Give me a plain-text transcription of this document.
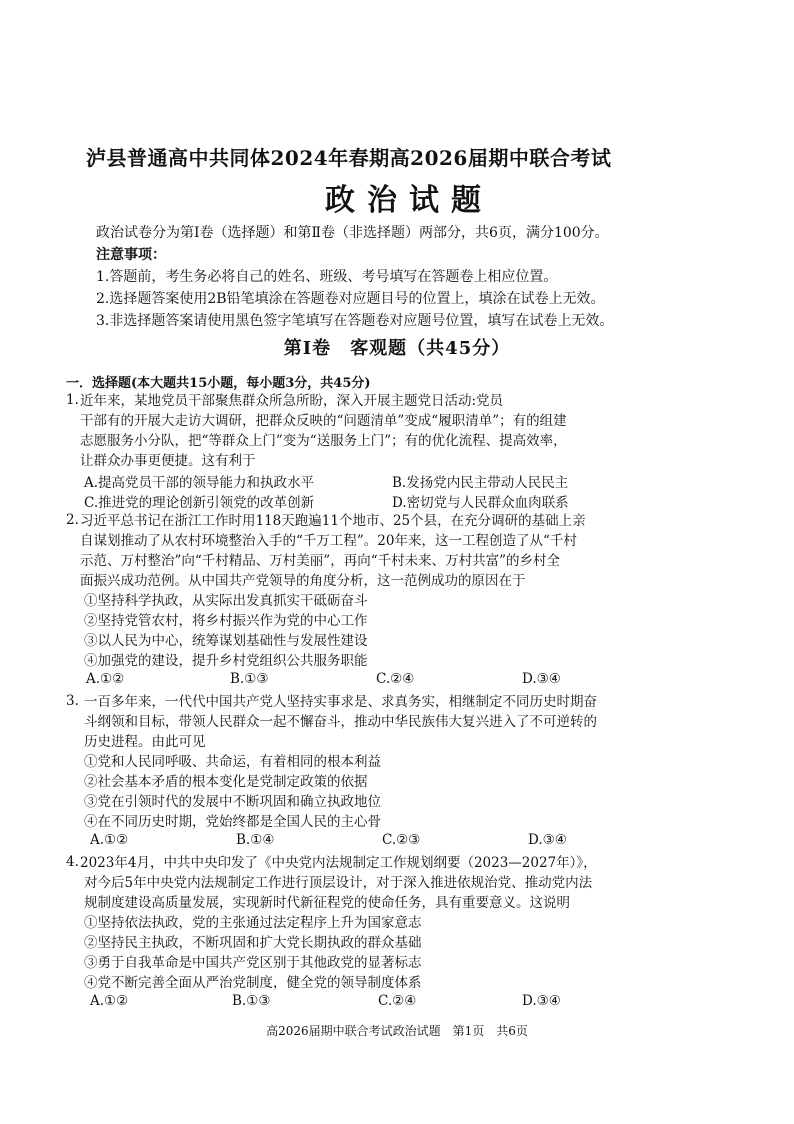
泸县普通高中共同体2024年春期高2026届期中联合考试
政治试题
政治试卷分为第Ⅰ卷（选择题）和第Ⅱ卷（非选择题）两部分，共6页，满分100分。
注意事项：
1.答题前，考生务必将自己的姓名、班级、考号填写在答题卷上相应位置。
2.选择题答案使用2B铅笔填涂在答题卷对应题目号的位置上，填涂在试卷上无效。
3.非选择题答案请使用黑色签字笔填写在答题卷对应题号位置，填写在试卷上无效。
第Ⅰ卷　客观题（共45分）
一．选择题(本大题共15小题，每小题3分，共45分)
1. 近年来，某地党员干部聚焦群众所急所盼，深入开展主题党日活动:党员
干部有的开展大走访大调研，把群众反映的“问题清单”变成“履职清单”；有的组建
志愿服务小分队，把“等群众上门”变为“送服务上门”；有的优化流程、提高效率，
让群众办事更便捷。这有利于
A.提高党员干部的领导能力和执政水平	B.发扬党内民主带动人民民主
C.推进党的理论创新引领党的改革创新	D.密切党与人民群众血肉联系
2. 习近平总书记在浙江工作时用118天跑遍11个地市、25个县，在充分调研的基础上亲
自谋划推动了从农村环境整治入手的“千万工程”。20年来，这一工程创造了从“千村
示范、万村整治”向“千村精品、万村美丽”，再向“千村未来、万村共富”的乡村全
面振兴成功范例。从中国共产党领导的角度分析，这一范例成功的原因在于
①坚持科学执政，从实际出发真抓实干砥砺奋斗
②坚持党管农村，将乡村振兴作为党的中心工作
③以人民为中心，统筹谋划基础性与发展性建设
④加强党的建设，提升乡村党组织公共服务职能
A.①②	B.①③	C.②④	D.③④
3. 一百多年来，一代代中国共产党人坚持实事求是、求真务实，相继制定不同历史时期奋
斗纲领和目标，带领人民群众一起不懈奋斗，推动中华民族伟大复兴进入了不可逆转的
历史进程。由此可见
①党和人民同呼吸、共命运，有着相同的根本利益
②社会基本矛盾的根本变化是党制定政策的依据
③党在引领时代的发展中不断巩固和确立执政地位
④在不同历史时期，党始终都是全国人民的主心骨
A.①②	B.①④	C.②③	D.③④
4. 2023年4月，中共中央印发了《中央党内法规制定工作规划纲要（2023—2027年）》，
对今后5年中央党内法规制定工作进行顶层设计，对于深入推进依规治党、推动党内法
规制度建设高质量发展，实现新时代新征程党的使命任务，具有重要意义。这说明
①坚持依法执政，党的主张通过法定程序上升为国家意志
②坚持民主执政，不断巩固和扩大党长期执政的群众基础
③勇于自我革命是中国共产党区别于其他政党的显著标志
④党不断完善全面从严治党制度，健全党的领导制度体系
A.①②	B.①③	C.②④	D.③④
高2026届期中联合考试政治试题　第1页　共6页
